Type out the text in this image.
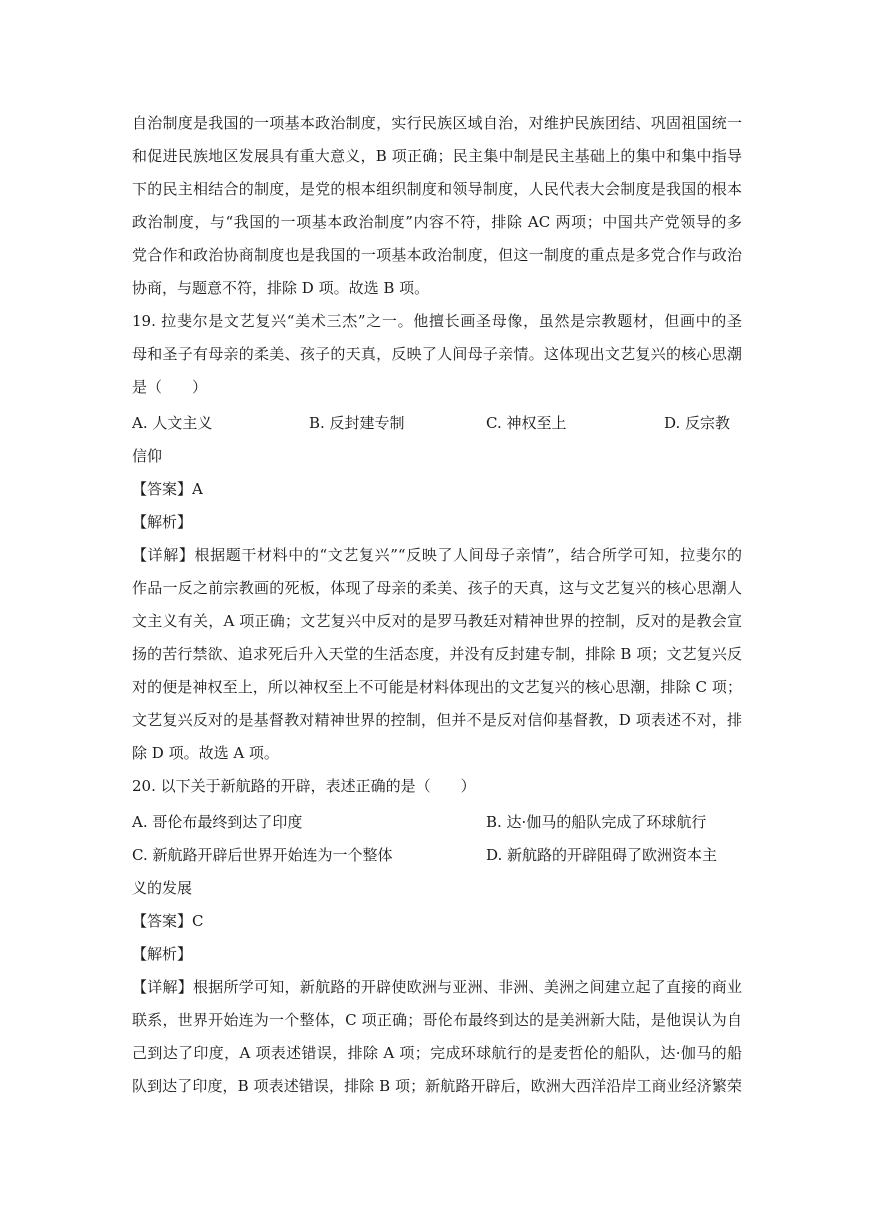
自治制度是我国的一项基本政治制度，实行民族区域自治，对维护民族团结、巩固祖国统一
和促进民族地区发展具有重大意义，B 项正确；民主集中制是民主基础上的集中和集中指导
下的民主相结合的制度，是党的根本组织制度和领导制度，人民代表大会制度是我国的根本
政治制度，与“我国的一项基本政治制度”内容不符，排除 AC 两项；中国共产党领导的多
党合作和政治协商制度也是我国的一项基本政治制度，但这一制度的重点是多党合作与政治
协商，与题意不符，排除 D 项。故选 B 项。
19. 拉斐尔是文艺复兴“美术三杰”之一。他擅长画圣母像，虽然是宗教题材，但画中的圣
母和圣子有母亲的柔美、孩子的天真，反映了人间母子亲情。这体现出文艺复兴的核心思潮
是（　　）
A. 人文主义	B. 反封建专制	C. 神权至上	D. 反宗教
信仰
【答案】A
【解析】
【详解】根据题干材料中的“文艺复兴”“反映了人间母子亲情”，结合所学可知，拉斐尔的
作品一反之前宗教画的死板，体现了母亲的柔美、孩子的天真，这与文艺复兴的核心思潮人
文主义有关，A 项正确；文艺复兴中反对的是罗马教廷对精神世界的控制，反对的是教会宣
扬的苦行禁欲、追求死后升入天堂的生活态度，并没有反封建专制，排除 B 项；文艺复兴反
对的便是神权至上，所以神权至上不可能是材料体现出的文艺复兴的核心思潮，排除 C 项；
文艺复兴反对的是基督教对精神世界的控制，但并不是反对信仰基督教，D 项表述不对，排
除 D 项。故选 A 项。
20. 以下关于新航路的开辟，表述正确的是（　　）
A. 哥伦布最终到达了印度	B. 达·伽马的船队完成了环球航行
C. 新航路开辟后世界开始连为一个整体	D. 新航路的开辟阻碍了欧洲资本主
义的发展
【答案】C
【解析】
【详解】根据所学可知，新航路的开辟使欧洲与亚洲、非洲、美洲之间建立起了直接的商业
联系，世界开始连为一个整体，C 项正确；哥伦布最终到达的是美洲新大陆，是他误认为自
己到达了印度，A 项表述错误，排除 A 项；完成环球航行的是麦哲伦的船队，达·伽马的船
队到达了印度，B 项表述错误，排除 B 项；新航路开辟后，欧洲大西洋沿岸工商业经济繁荣
